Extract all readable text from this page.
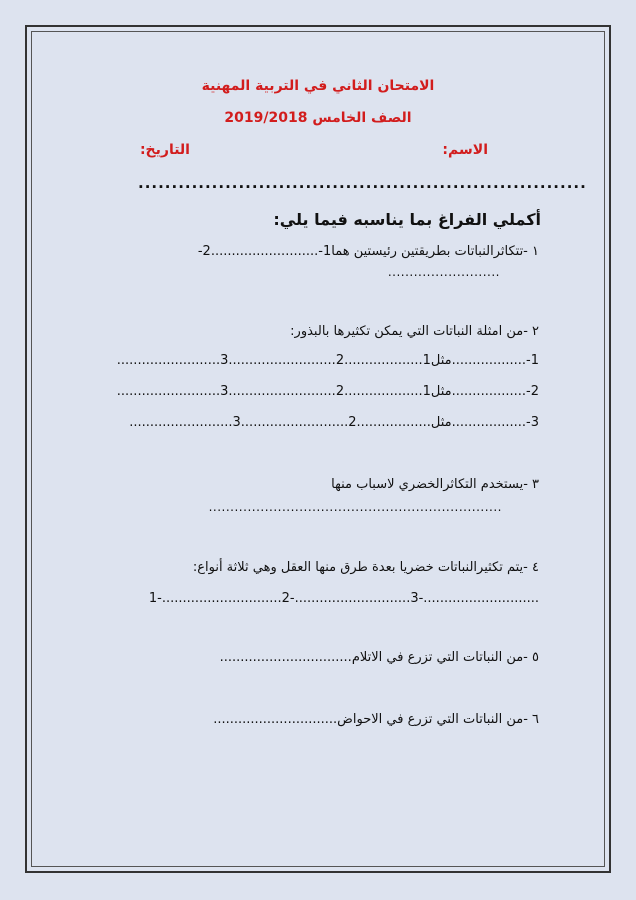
الامتحان الثاني في التربية المهنية
الصف الخامس 2019/2018
الاسم:
التاريخ:
...................................................................
أكملي الفراغ بما يناسبه فيما يلي:
١ -تتكاثرالنباتات بطريقتين رئيستين هما1-..........................2-
..........................
٢ -من امثلة النباتات التي يمكن تكثيرها بالبذور:
1-..................مثل1...................2..........................3.........................
2-..................مثل1...................2..........................3.........................
3-..................مثل..................2..........................3.........................
٣ -يستخدم التكاثرالخضري لاسباب منها
....................................................................
٤ -يتم تكثيرالنباتات خضريا بعدة طرق منها العقل وهي ثلاثة أنواع:
1-.............................2-............................3-............................
٥ -من النباتات التي تزرع في الاتلام................................
٦ -من النباتات التي تزرع في الاحواض..............................
